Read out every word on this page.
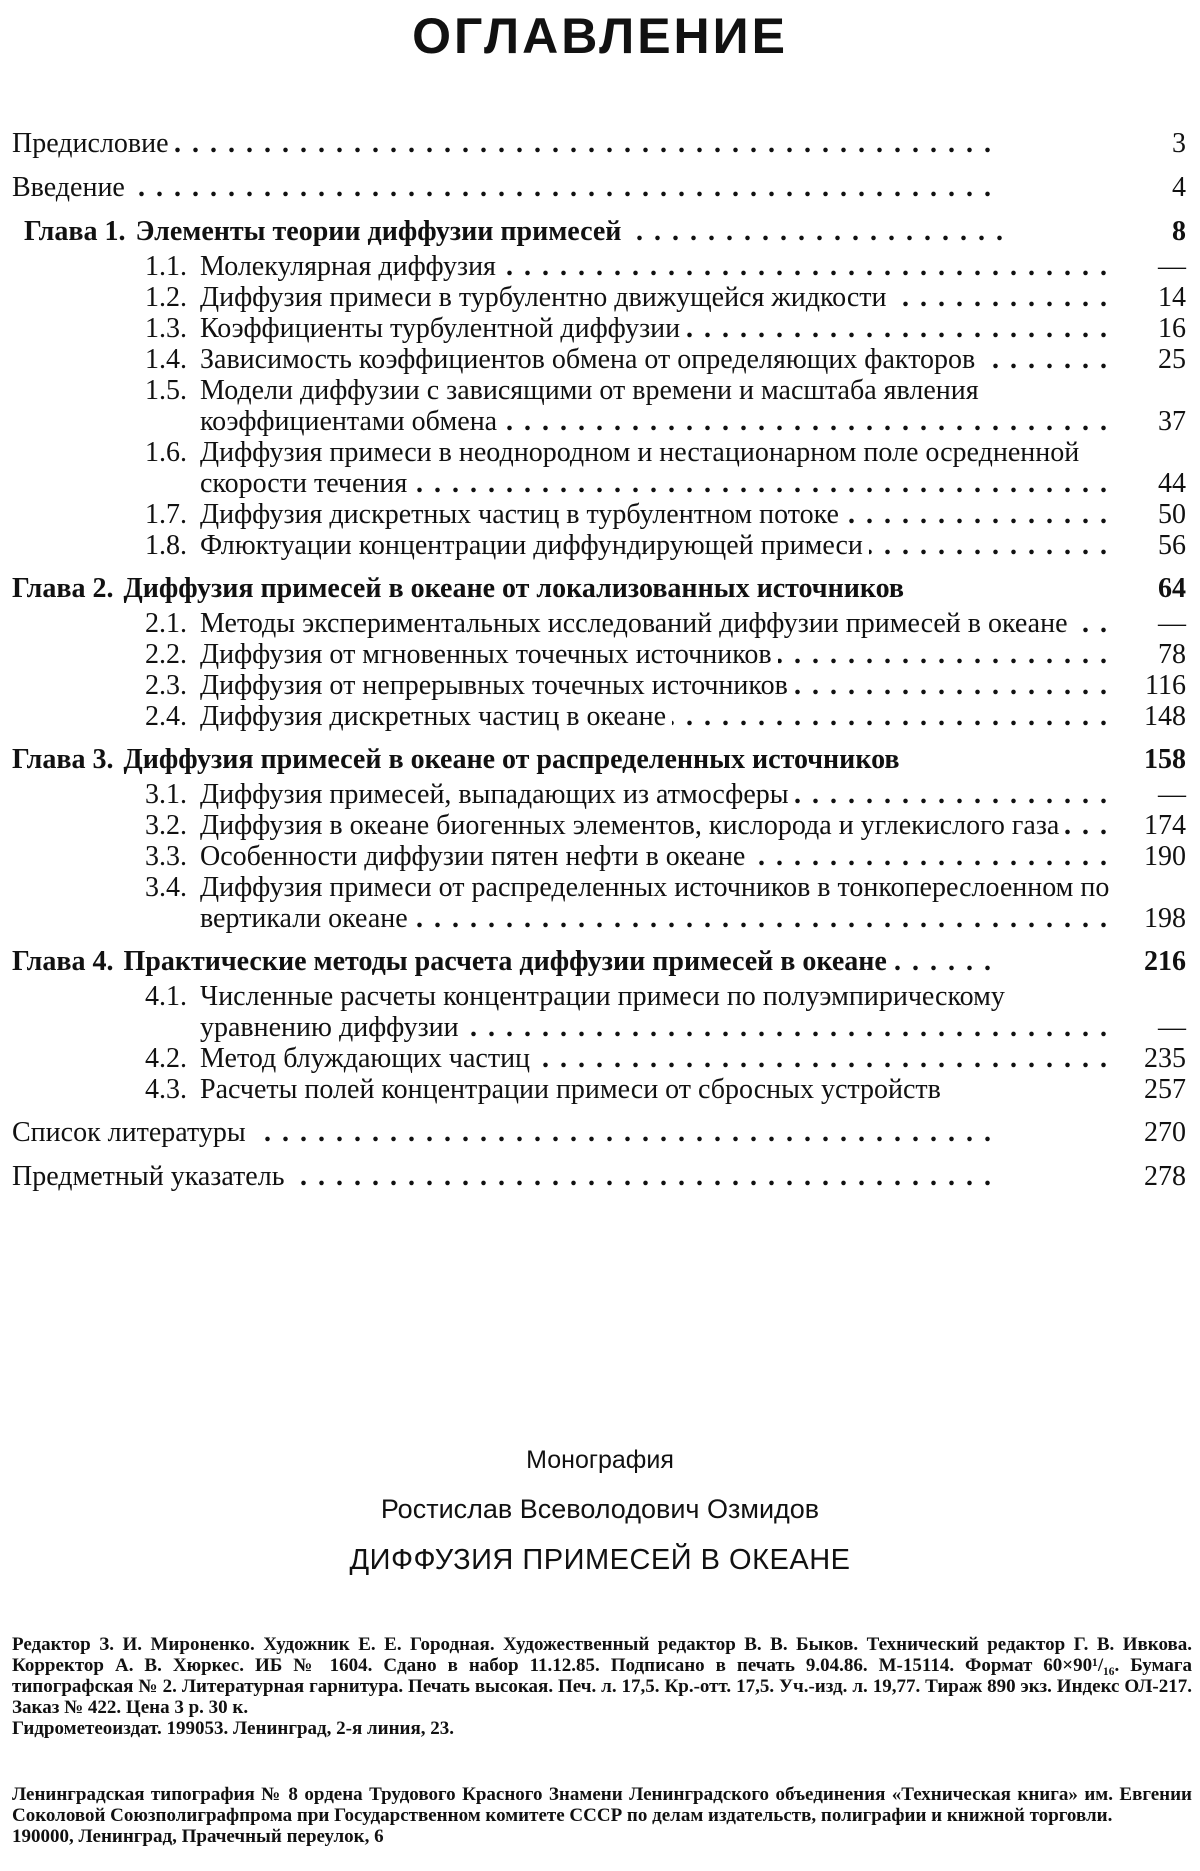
ОГЛАВЛЕНИЕ
Предисловие . . .	3
Введение . . .	4
Глава 1. Элементы теории диффузии примесей . . .	8
1.1. Молекулярная диффузия . . .	—
1.2. Диффузия примеси в турбулентно движущейся жидкости . . .	14
1.3. Коэффициенты турбулентной диффузии . . .	16
1.4. Зависимость коэффициентов обмена от определяющих факторов . . .	25
1.5. Модели диффузии с зависящими от времени и масштаба явления коэффициентами обмена . . .	37
1.6. Диффузия примеси в неоднородном и нестационарном поле осредненной скорости течения . . .	44
1.7. Диффузия дискретных частиц в турбулентном потоке . . .	50
1.8. Флюктуации концентрации диффундирующей примеси . . .	56
Глава 2. Диффузия примесей в океане от локализованных источников	64
2.1. Методы экспериментальных исследований диффузии примесей в океане . . .	—
2.2. Диффузия от мгновенных точечных источников . . .	78
2.3. Диффузия от непрерывных точечных источников . . .	116
2.4. Диффузия дискретных частиц в океане . . .	148
Глава 3. Диффузия примесей в океане от распределенных источников	158
3.1. Диффузия примесей, выпадающих из атмосферы . . .	—
3.2. Диффузия в океане биогенных элементов, кислорода и углекислого газа . . .	174
3.3. Особенности диффузии пятен нефти в океане . . .	190
3.4. Диффузия примеси от распределенных источников в тонкопереслоенном по вертикали океане . . .	198
Глава 4. Практические методы расчета диффузии примесей в океане . . .	216
4.1. Численные расчеты концентрации примеси по полуэмпирическому уравнению диффузии . . .	—
4.2. Метод блуждающих частиц . . .	235
4.3. Расчеты полей концентрации примеси от сбросных устройств	257
Список литературы . . .	270
Предметный указатель . . .	278
Монография
Ростислав Всеволодович Озмидов
ДИФФУЗИЯ ПРИМЕСЕЙ В ОКЕАНЕ

Редактор З. И. Мироненко. Художник Е. Е. Городная. Художественный редактор В. В. Быков. Технический редактор Г. В. Ивкова. Корректор А. В. Хюркес. ИБ № 1604. Сдано в набор 11.12.85. Подписано в печать 9.04.86. М-15114. Формат 60×90¹/₁₆. Бумага типографская № 2. Литературная гарнитура. Печать высокая. Печ. л. 17,5. Кр.-отт. 17,5. Уч.-изд. л. 19,77. Тираж 890 экз. Индекс ОЛ-217. Заказ № 422. Цена 3 р. 30 к.

Гидрометеоиздат. 199053. Ленинград, 2-я линия, 23.

Ленинградская типография № 8 ордена Трудового Красного Знамени Ленинградского объединения «Техническая книга» им. Евгении Соколовой Союзполиграфпрома при Государственном комитете СССР по делам издательств, полиграфии и книжной торговли.

190000, Ленинград, Прачечный переулок, 6
